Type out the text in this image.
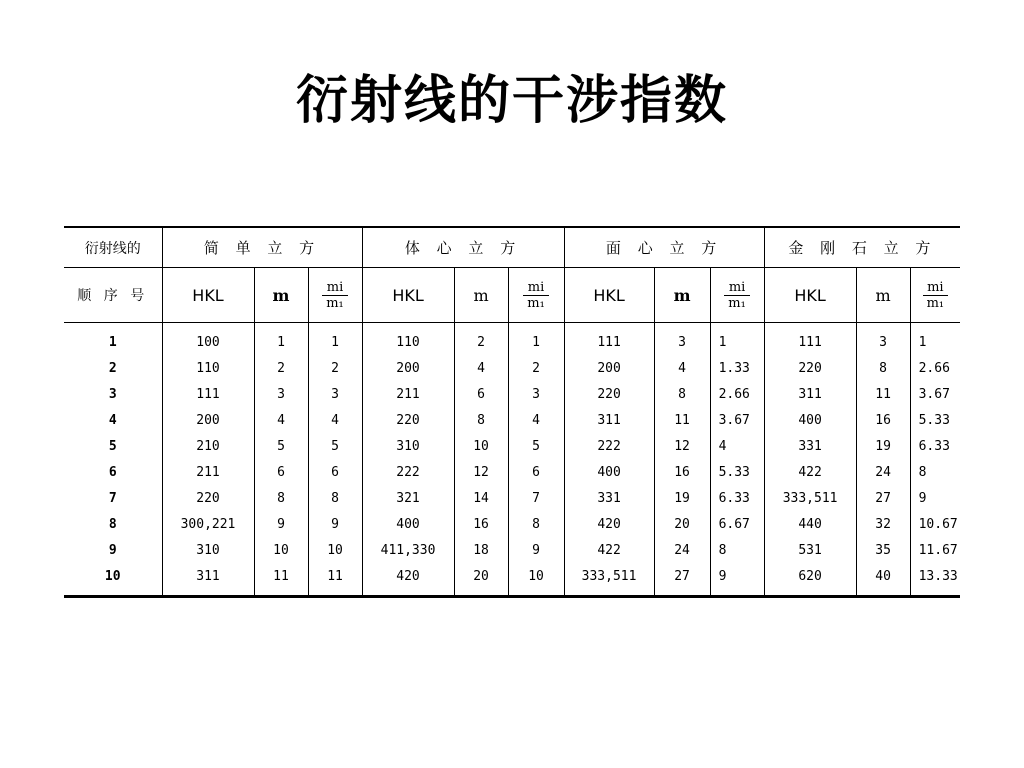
衍射线的干涉指数
衍射线的	简 单 立 方			体 心 立 方			面 心 立 方			金 刚 石 立 方		
顺 序 号	HKL	m	$\frac{mi}{\text{m₁}}$	HKL	m	$\frac{mi}{\text{m₁}}$	HKL	m	$\frac{mi}{\text{m₁}}$	HKL	m	$\frac{mi}{\text{m₁}}$

1	100	1	1	110	2	1	111	3	1	111	3	1
2	110	2	2	200	4	2	200	4	1.33	220	8	2.66
3	111	3	3	211	6	3	220	8	2.66	311	11	3.67
4	200	4	4	220	8	4	311	11	3.67	400	16	5.33
5	210	5	5	310	10	5	222	12	4	331	19	6.33
6	211	6	6	222	12	6	400	16	5.33	422	24	8
7	220	8	8	321	14	7	331	19	6.33	333,511	27	9
8	300,221	9	9	400	16	8	420	20	6.67	440	32	10.67
9	310	10	10	411,330	18	9	422	24	8	531	35	11.67
10	311	11	11	420	20	10	333,511	27	9	620	40	13.33
